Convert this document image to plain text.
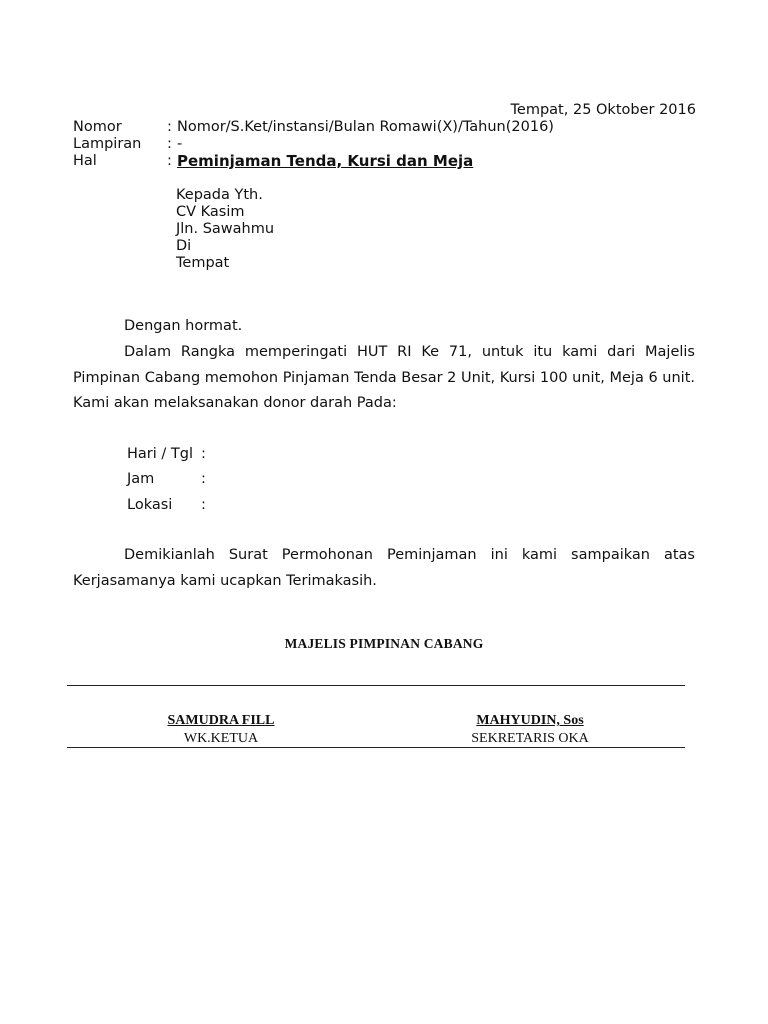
Tempat, 25 Oktober 2016
Nomor	: Nomor/S.Ket/instansi/Bulan Romawi(X)/Tahun(2016)
Lampiran : -
Hal	: Peminjaman Tenda, Kursi dan Meja
Kepada Yth.
CV Kasim
Jln. Sawahmu
Di
Tempat
Dengan hormat.
Dalam Rangka memperingati HUT RI Ke 71, untuk itu kami dari Majelis Pimpinan Cabang memohon Pinjaman Tenda Besar 2 Unit, Kursi 100 unit, Meja 6 unit. Kami akan melaksanakan donor darah Pada:
Hari / Tgl :
Jam	:
Lokasi :
Demikianlah Surat Permohonan Peminjaman ini kami sampaikan atas Kerjasamanya kami ucapkan Terimakasih.
MAJELIS PIMPINAN CABANG
SAMUDRA FILL
WK.KETUA
MAHYUDIN, Sos
SEKRETARIS OKA
